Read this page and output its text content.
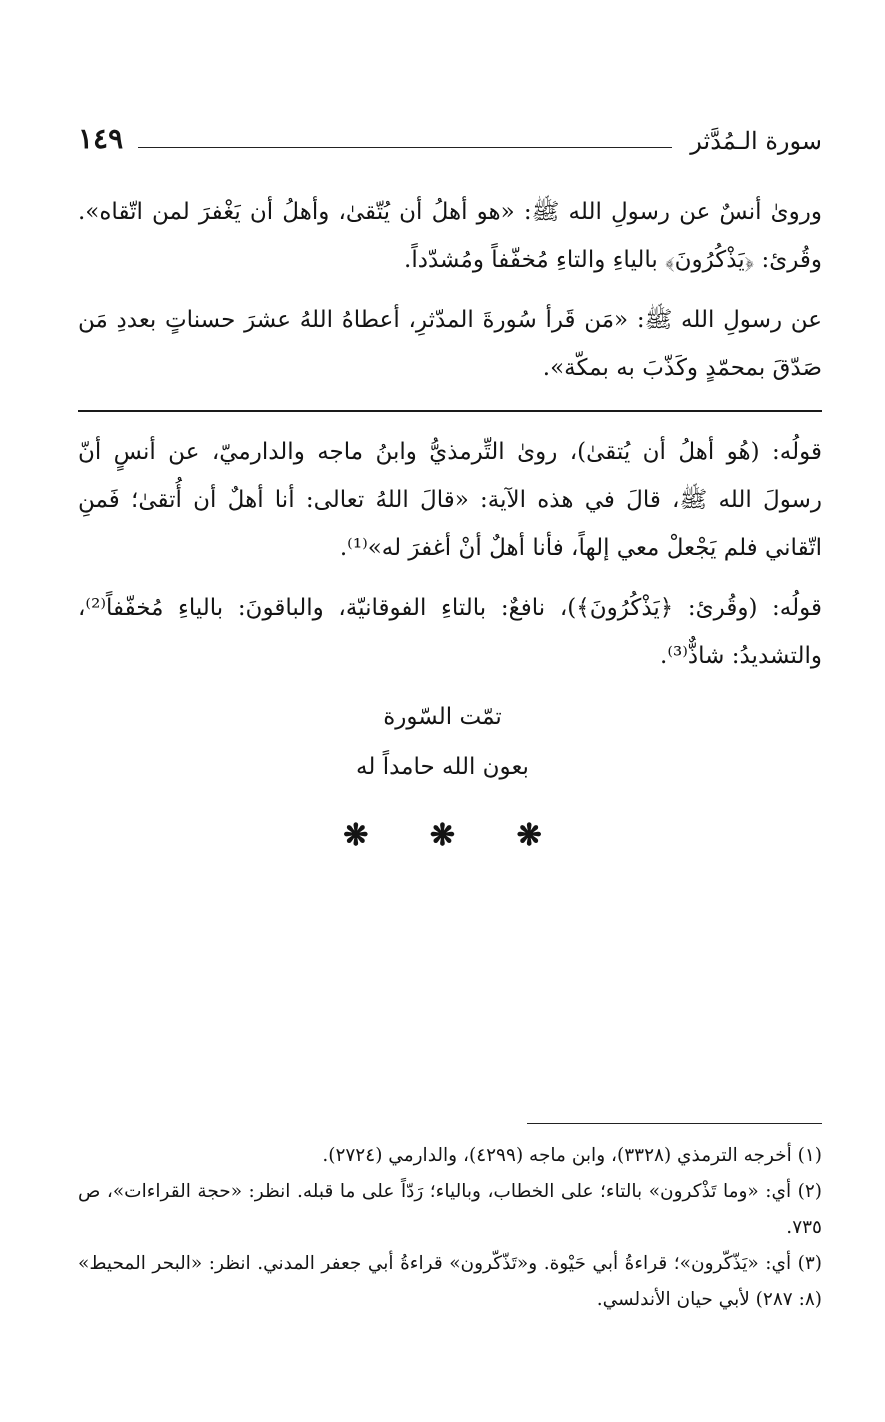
سورة الـمُدَّثر
١٤٩

وروىٰ أنسٌ عن رسولِ الله ﷺ: «هو أهلُ أن يُتّقىٰ، وأهلُ أن يَغْفرَ لمن اتّقاه». وقُرئ: ﴿يَذْكُرُونَ﴾ بالياءِ والتاءِ مُخفّفاً ومُشدّداً.

عن رسولِ الله ﷺ: «مَن قَرأ سُورةَ المدّثرِ، أعطاهُ اللهُ عشرَ حسناتٍ بعددِ مَن صَدّقَ بمحمّدٍ وكَذّبَ به بمكّة».

قولُه: (هُو أهلُ أن يُتقىٰ)، روىٰ التِّرمذيُّ وابنُ ماجه والدارميّ، عن أنسٍ أنّ رسولَ الله ﷺ، قالَ في هذه الآية: «قالَ اللهُ تعالى: أنا أهلٌ أن أُتقىٰ؛ فَمنِ اتّقاني فلم يَجْعلْ معي إلهاً، فأنا أهلٌ أنْ أغفرَ له»⁽¹⁾.

قولُه: (وقُرئ: ﴿يَذْكُرُونَ﴾)، نافعٌ: بالتاءِ الفوقانيّة، والباقونَ: بالياءِ مُخفّفاً⁽²⁾، والتشديدُ: شاذٌّ⁽³⁾.

تمّت السّورة
بعون الله حامداً له
❋ ❋ ❋

(١) أخرجه الترمذي (٣٣٢٨)، وابن ماجه (٤٢٩٩)، والدارمي (٢٧٢٤).

(٢) أي: «وما تَذْكرون» بالتاء؛ على الخطاب، وبالياء؛ رَدّاً على ما قبله. انظر: «حجة القراءات»، ص ٧٣٥.

(٣) أي: «يَذّكّرون»؛ قراءةُ أبي حَيْوة. و«تَذّكّرون» قراءةُ أبي جعفر المدني. انظر: «البحر المحيط» (٨: ٢٨٧) لأبي حيان الأندلسي.
